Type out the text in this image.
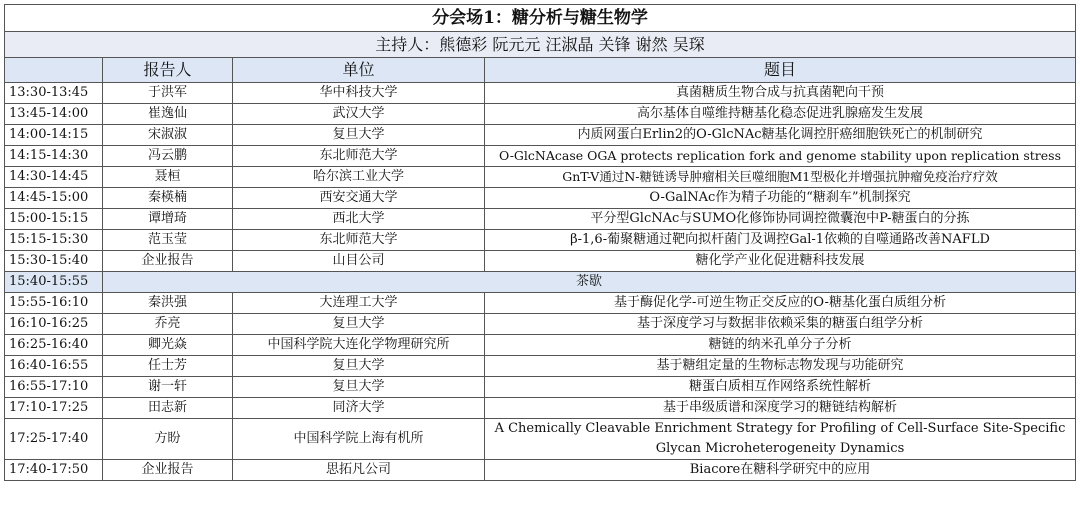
分会场1：糖分析与糖生物学			
主持人：熊德彩 阮元元 汪淑晶 关锋 谢然 吴琛			
	报告人	单位	题目
13:30-13:45	于洪军	华中科技大学	真菌糖质生物合成与抗真菌靶向干预
13:45-14:00	崔逸仙	武汉大学	高尔基体自噬维持糖基化稳态促进乳腺癌发生发展
14:00-14:15	宋淑淑	复旦大学	内质网蛋白Erlin2的O-GlcNAc糖基化调控肝癌细胞铁死亡的机制研究
14:15-14:30	冯云鹏	东北师范大学	O-GlcNAcase OGA protects replication fork and genome stability upon replication stress
14:30-14:45	聂桓	哈尔滨工业大学	GnT-V通过N-糖链诱导肿瘤相关巨噬细胞M1型极化并增强抗肿瘤免疫治疗疗效
14:45-15:00	秦楧楠	西安交通大学	O-GalNAc作为精子功能的“糖刹车”机制探究
15:00-15:15	谭增琦	西北大学	平分型GlcNAc与SUMO化修饰协同调控微囊泡中P-糖蛋白的分拣
15:15-15:30	范玉莹	东北师范大学	β-1,6-葡聚糖通过靶向拟杆菌门及调控Gal-1依赖的自噬通路改善NAFLD
15:30-15:40	企业报告	山目公司	糖化学产业化促进糖科技发展
15:40-15:55	茶歇		
15:55-16:10	秦洪强	大连理工大学	基于酶促化学-可逆生物正交反应的O-糖基化蛋白质组分析
16:10-16:25	乔亮	复旦大学	基于深度学习与数据非依赖采集的糖蛋白组学分析
16:25-16:40	卿光焱	中国科学院大连化学物理研究所	糖链的纳米孔单分子分析
16:40-16:55	任士芳	复旦大学	基于糖组定量的生物标志物发现与功能研究
16:55-17:10	谢一轩	复旦大学	糖蛋白质相互作网络系统性解析
17:10-17:25	田志新	同济大学	基于串级质谱和深度学习的糖链结构解析
17:25-17:40	方盼	中国科学院上海有机所	A Chemically Cleavable Enrichment Strategy for Profiling of Cell-Surface Site-Specific
Glycan Microheterogeneity Dynamics

17:40-17:50	企业报告	思拓凡公司	Biacore在糖科学研究中的应用
